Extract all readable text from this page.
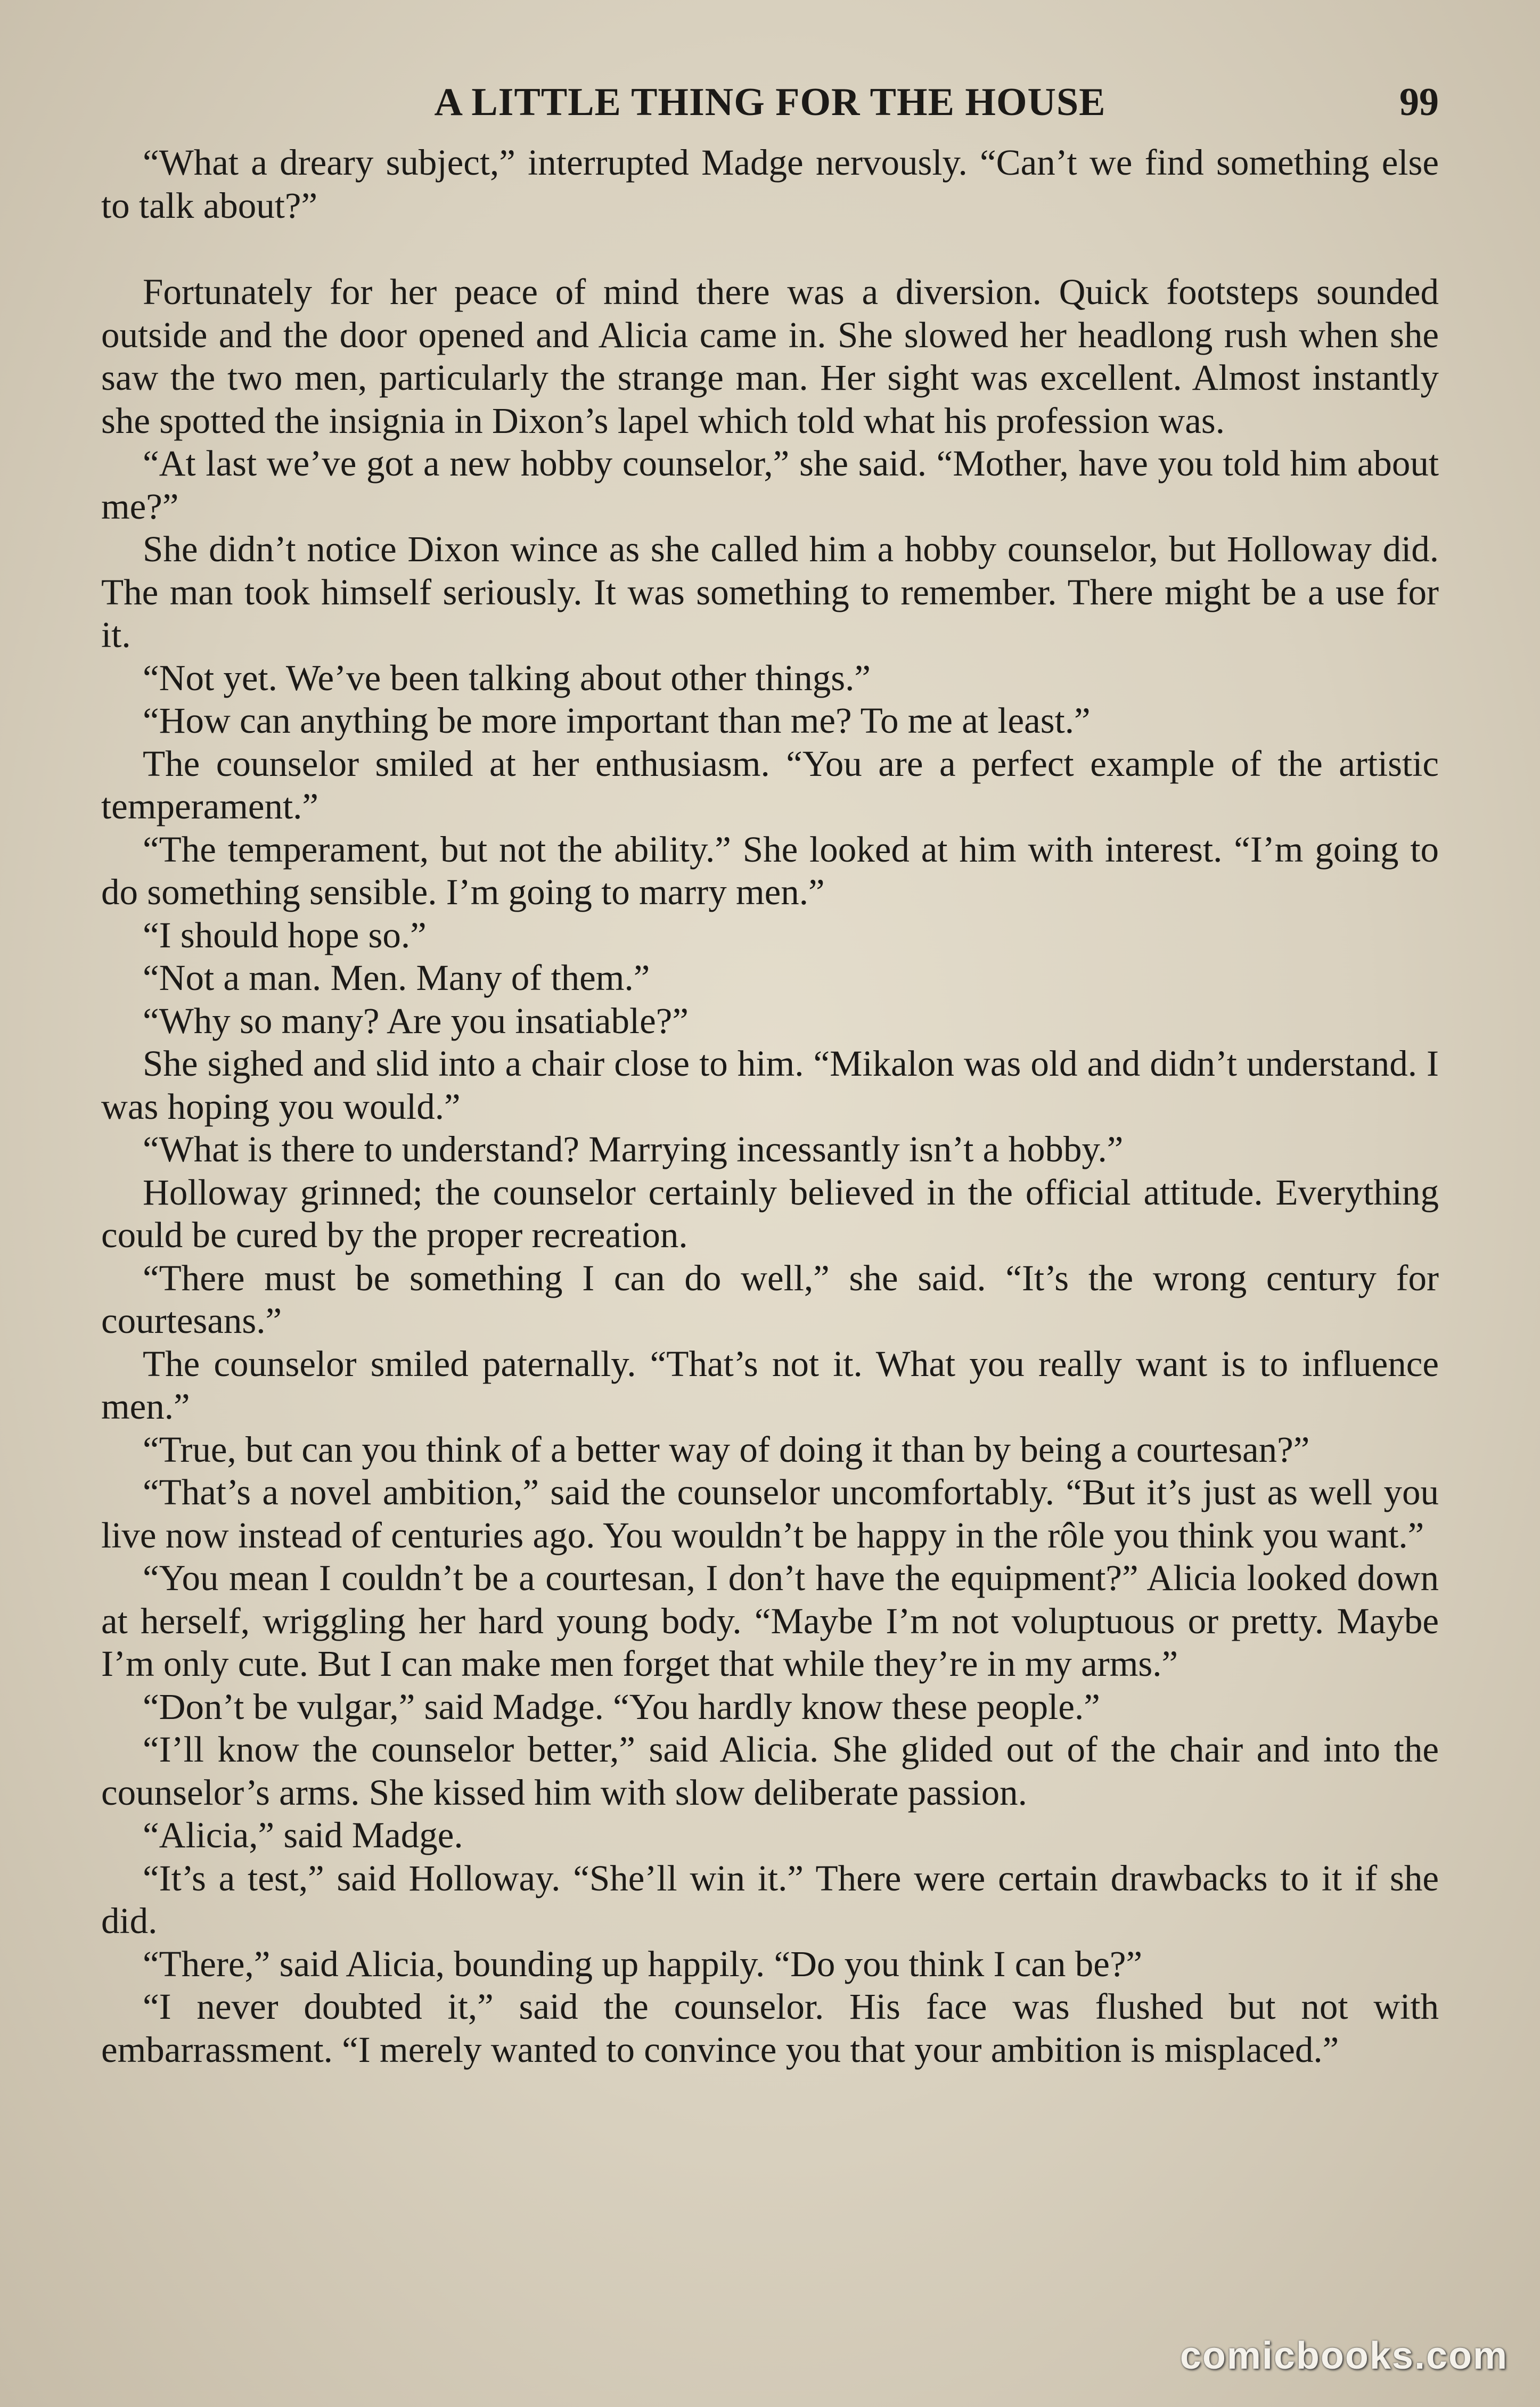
A LITTLE THING FOR THE HOUSE	99

“What a dreary subject,” interrupted Madge nervously. “Can’t we find something else to talk about?”

Fortunately for her peace of mind there was a diversion. Quick footsteps sounded outside and the door opened and Alicia came in. She slowed her headlong rush when she saw the two men, particularly the strange man. Her sight was excellent. Almost instantly she spotted the insignia in Dixon’s lapel which told what his profession was.

“At last we’ve got a new hobby counselor,” she said. “Mother, have you told him about me?”

She didn’t notice Dixon wince as she called him a hobby counselor, but Holloway did. The man took himself seriously. It was something to remember. There might be a use for it.

“Not yet. We’ve been talking about other things.”

“How can anything be more important than me? To me at least.”

The counselor smiled at her enthusiasm. “You are a perfect example of the artistic temperament.”

“The temperament, but not the ability.” She looked at him with interest. “I’m going to do something sensible. I’m going to marry men.”

“I should hope so.”

“Not a man. Men. Many of them.”

“Why so many? Are you insatiable?”

She sighed and slid into a chair close to him. “Mikalon was old and didn’t understand. I was hoping you would.”

“What is there to understand? Marrying incessantly isn’t a hobby.”

Holloway grinned; the counselor certainly believed in the official attitude. Everything could be cured by the proper recreation.

“There must be something I can do well,” she said. “It’s the wrong century for courtesans.”

The counselor smiled paternally. “That’s not it. What you really want is to influence men.”

“True, but can you think of a better way of doing it than by being a courtesan?”

“That’s a novel ambition,” said the counselor uncomfortably. “But it’s just as well you live now instead of centuries ago. You wouldn’t be happy in the rôle you think you want.”

“You mean I couldn’t be a courtesan, I don’t have the equipment?” Alicia looked down at herself, wriggling her hard young body. “Maybe I’m not voluptuous or pretty. Maybe I’m only cute. But I can make men forget that while they’re in my arms.”

“Don’t be vulgar,” said Madge. “You hardly know these people.”

“I’ll know the counselor better,” said Alicia. She glided out of the chair and into the counselor’s arms. She kissed him with slow deliberate passion.

“Alicia,” said Madge.

“It’s a test,” said Holloway. “She’ll win it.” There were certain drawbacks to it if she did.

“There,” said Alicia, bounding up happily. “Do you think I can be?”

“I never doubted it,” said the counselor. His face was flushed but not with embarrassment. “I merely wanted to convince you that your ambition is misplaced.”

comicbooks.com
